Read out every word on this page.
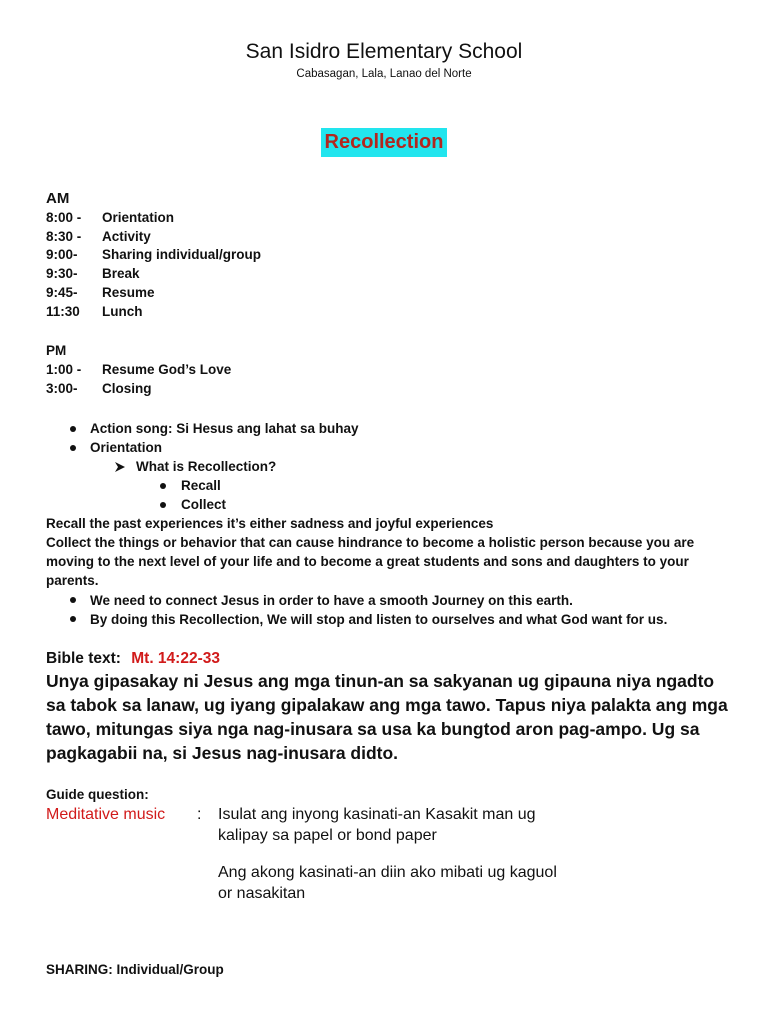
San Isidro Elementary School
Cabasagan, Lala, Lanao del Norte
Recollection
AM
8:00 - Orientation
8:30 - Activity
9:00- Sharing individual/group
9:30- Break
9:45- Resume
11:30 Lunch
PM
1:00 - Resume God’s Love
3:00- Closing
Action song: Si Hesus ang lahat sa buhay
Orientation
What is Recollection?
Recall
Collect
Recall the past experiences it’s either sadness and joyful experiences
Collect the things or behavior that can cause hindrance to become a holistic person because you are moving to the next level of your life and to become a great students and sons and daughters to your parents.
We need to connect Jesus in order to have a smooth Journey on this earth.
By doing this Recollection, We will stop and listen to ourselves and what God want for us.
Bible text: Mt. 14:22-33
Unya gipasakay ni Jesus ang mga tinun-an sa sakyanan ug gipauna niya ngadto sa tabok sa lanaw, ug iyang gipalakaw ang mga tawo. Tapus niya palakta ang mga tawo, mitungas siya nga nag-inusara sa usa ka bungtod aron pag-ampo. Ug sa pagkagabii na, si Jesus nag-inusara didto.
Guide question:
Meditative music : Isulat ang inyong kasinati-an Kasakit man ug
kalipay sa papel or bond paper
Ang akong kasinati-an diin ako mibati ug kaguol
or nasakitan
SHARING: Individual/Group
